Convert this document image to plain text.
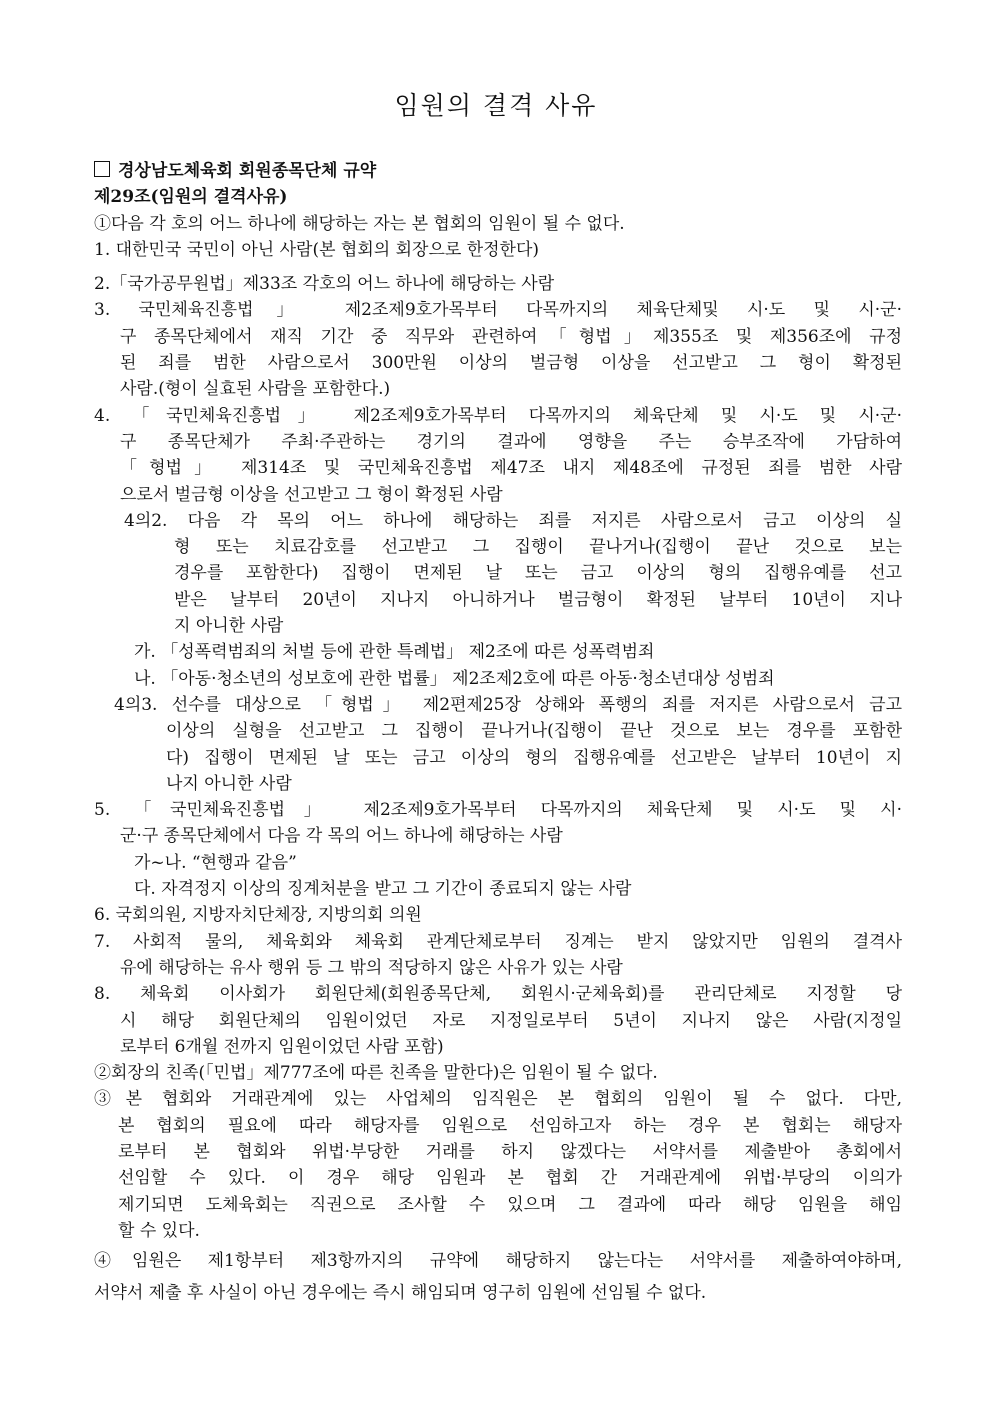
임원의 결격 사유
경상남도체육회 회원종목단체 규약
제29조(임원의 결격사유)
①다음 각 호의 어느 하나에 해당하는 자는 본 협회의 임원이 될 수 없다.
1. 대한민국 국민이 아닌 사람(본 협회의 회장으로 한정한다)
2.「국가공무원법」제33조 각호의 어느 하나에 해당하는 사람
3. 국민체육진흥법」 제2조제9호가목부터 다목까지의 체육단체및 시·도 및 시·군·
구 종목단체에서 재직 기간 중 직무와 관련하여「형법」제355조 및 제356조에 규정
된 죄를 범한 사람으로서 300만원 이상의 벌금형 이상을 선고받고 그 형이 확정된
사람.(형이 실효된 사람을 포함한다.)
4. 「국민체육진흥법」 제2조제9호가목부터 다목까지의 체육단체 및 시·도 및 시·군·
구 종목단체가 주최·주관하는 경기의 결과에 영향을 주는 승부조작에 가담하여
「형법」 제314조 및 국민체육진흥법 제47조 내지 제48조에 규정된 죄를 범한 사람
으로서 벌금형 이상을 선고받고 그 형이 확정된 사람
4의2. 다음 각 목의 어느 하나에 해당하는 죄를 저지른 사람으로서 금고 이상의 실
형 또는 치료감호를 선고받고 그 집행이 끝나거나(집행이 끝난 것으로 보는
경우를 포함한다) 집행이 면제된 날 또는 금고 이상의 형의 집행유예를 선고
받은 날부터 20년이 지나지 아니하거나 벌금형이 확정된 날부터 10년이 지나
지 아니한 사람
가. 「성폭력범죄의 처벌 등에 관한 특례법」 제2조에 따른 성폭력범죄
나. 「아동·청소년의 성보호에 관한 법률」 제2조제2호에 따른 아동·청소년대상 성범죄
4의3. 선수를 대상으로 「형법」 제2편제25장 상해와 폭행의 죄를 저지른 사람으로서 금고
이상의 실형을 선고받고 그 집행이 끝나거나(집행이 끝난 것으로 보는 경우를 포함한
다) 집행이 면제된 날 또는 금고 이상의 형의 집행유예를 선고받은 날부터 10년이 지
나지 아니한 사람
5. 「국민체육진흥법」 제2조제9호가목부터 다목까지의 체육단체 및 시·도 및 시·
군·구 종목단체에서 다음 각 목의 어느 하나에 해당하는 사람
가~나. “현행과 같음”
다. 자격정지 이상의 징계처분을 받고 그 기간이 종료되지 않는 사람
6. 국회의원, 지방자치단체장, 지방의회 의원
7. 사회적 물의, 체육회와 체육회 관계단체로부터 징계는 받지 않았지만 임원의 결격사
유에 해당하는 유사 행위 등 그 밖의 적당하지 않은 사유가 있는 사람
8. 체육회 이사회가 회원단체(회원종목단체, 회원시·군체육회)를 관리단체로 지정할 당
시 해당 회원단체의 임원이었던 자로 지정일로부터 5년이 지나지 않은 사람(지정일
로부터 6개월 전까지 임원이었던 사람 포함)
②회장의 친족(「민법」제777조에 따른 친족을 말한다)은 임원이 될 수 없다.
③본 협회와 거래관계에 있는 사업체의 임직원은 본 협회의 임원이 될 수 없다. 다만,
본 협회의 필요에 따라 해당자를 임원으로 선임하고자 하는 경우 본 협회는 해당자
로부터 본 협회와 위법·부당한 거래를 하지 않겠다는 서약서를 제출받아 총회에서
선임할 수 있다. 이 경우 해당 임원과 본 협회 간 거래관계에 위법·부당의 이의가
제기되면 도체육회는 직권으로 조사할 수 있으며 그 결과에 따라 해당 임원을 해임
할 수 있다.
④임원은 제1항부터 제3항까지의 규약에 해당하지 않는다는 서약서를 제출하여야하며,
서약서 제출 후 사실이 아닌 경우에는 즉시 해임되며 영구히 임원에 선임될 수 없다.
